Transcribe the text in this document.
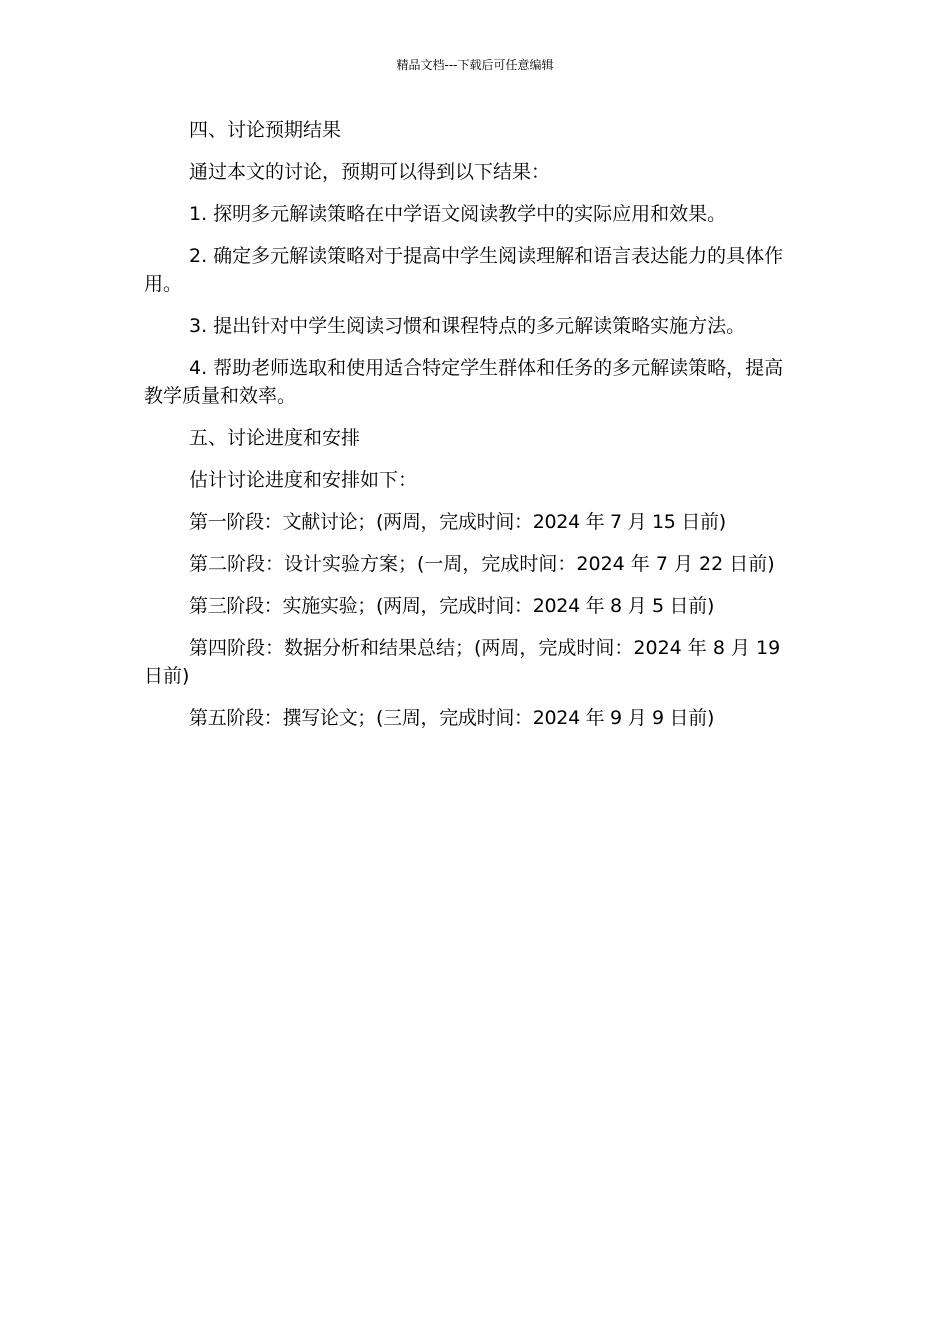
精品文档---下载后可任意编辑

四、讨论预期结果

通过本文的讨论，预期可以得到以下结果：

1. 探明多元解读策略在中学语文阅读教学中的实际应用和效果。

2. 确定多元解读策略对于提高中学生阅读理解和语言表达能力的具体作用。

3. 提出针对中学生阅读习惯和课程特点的多元解读策略实施方法。

4. 帮助老师选取和使用适合特定学生群体和任务的多元解读策略，提高教学质量和效率。

五、讨论进度和安排

估计讨论进度和安排如下：

第一阶段：文献讨论；(两周，完成时间：2024 年 7 月 15 日前)

第二阶段：设计实验方案；(一周，完成时间：2024 年 7 月 22 日前)

第三阶段：实施实验；(两周，完成时间：2024 年 8 月 5 日前)

第四阶段：数据分析和结果总结；(两周，完成时间：2024 年 8 月 19 日前)

第五阶段：撰写论文；(三周，完成时间：2024 年 9 月 9 日前)
